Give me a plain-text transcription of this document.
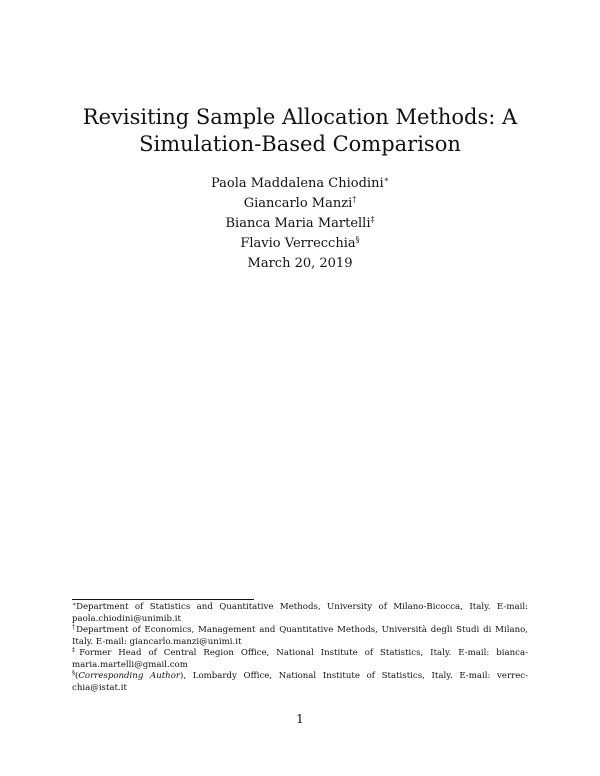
Revisiting Sample Allocation Methods: A Simulation-Based Comparison
Paola Maddalena Chiodini∗
Giancarlo Manzi†
Bianca Maria Martelli‡
Flavio Verrecchia§
March 20, 2019

∗Department of Statistics and Quantitative Methods, University of Milano-Bicocca, Italy. E-mail: paola.chiodini@unimib.it

†Department of Economics, Management and Quantitative Methods, Università degli Studi di Milano, Italy. E-mail: giancarlo.manzi@unimi.it

‡Former Head of Central Region Office, National Institute of Statistics, Italy. E-mail: bianca-maria.martelli@gmail.com

§(Corresponding Author), Lombardy Office, National Institute of Statistics, Italy. E-mail: verrec-chia@istat.it

1
